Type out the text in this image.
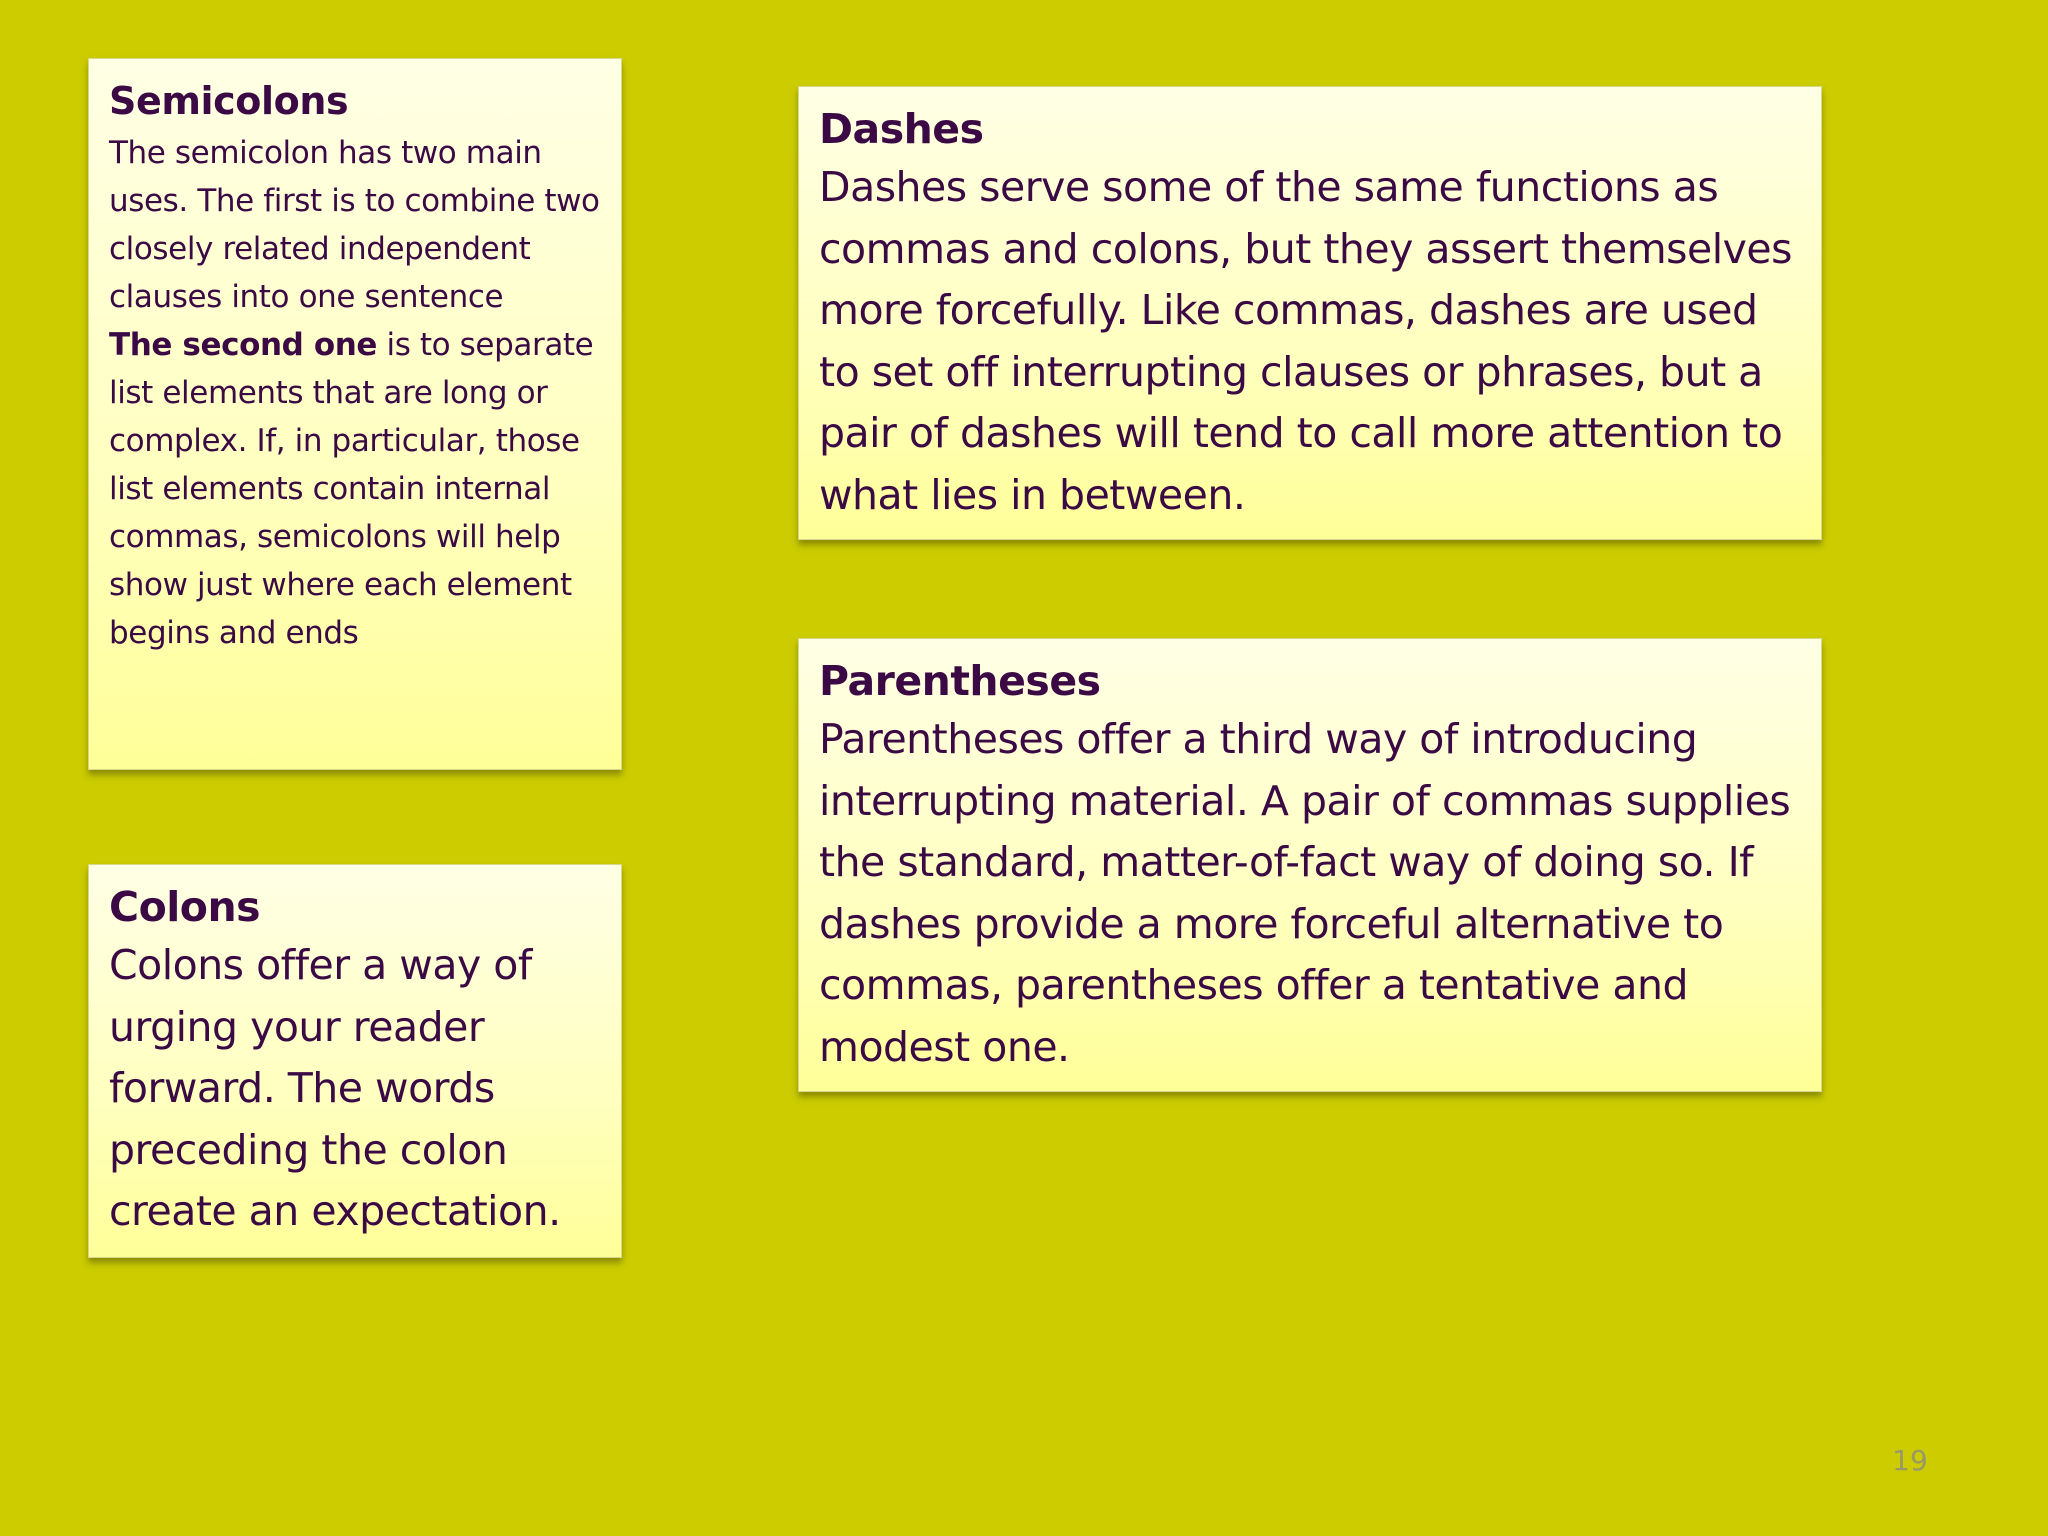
Semicolons
The semicolon has two main uses. The first is to combine two closely related independent clauses into one sentence
The second one is to separate list elements that are long or complex. If, in particular, those list elements contain internal commas, semicolons will help show just where each element begins and ends
Colons
Colons offer a way of urging your reader forward. The words preceding the colon create an expectation.
Dashes
Dashes serve some of the same functions as commas and colons, but they assert themselves more forcefully. Like commas, dashes are used to set off interrupting clauses or phrases, but a pair of dashes will tend to call more attention to what lies in between.
Parentheses
Parentheses offer a third way of introducing interrupting material. A pair of commas supplies the standard, matter-of-fact way of doing so. If dashes provide a more forceful alternative to commas, parentheses offer a tentative and modest one.
19
